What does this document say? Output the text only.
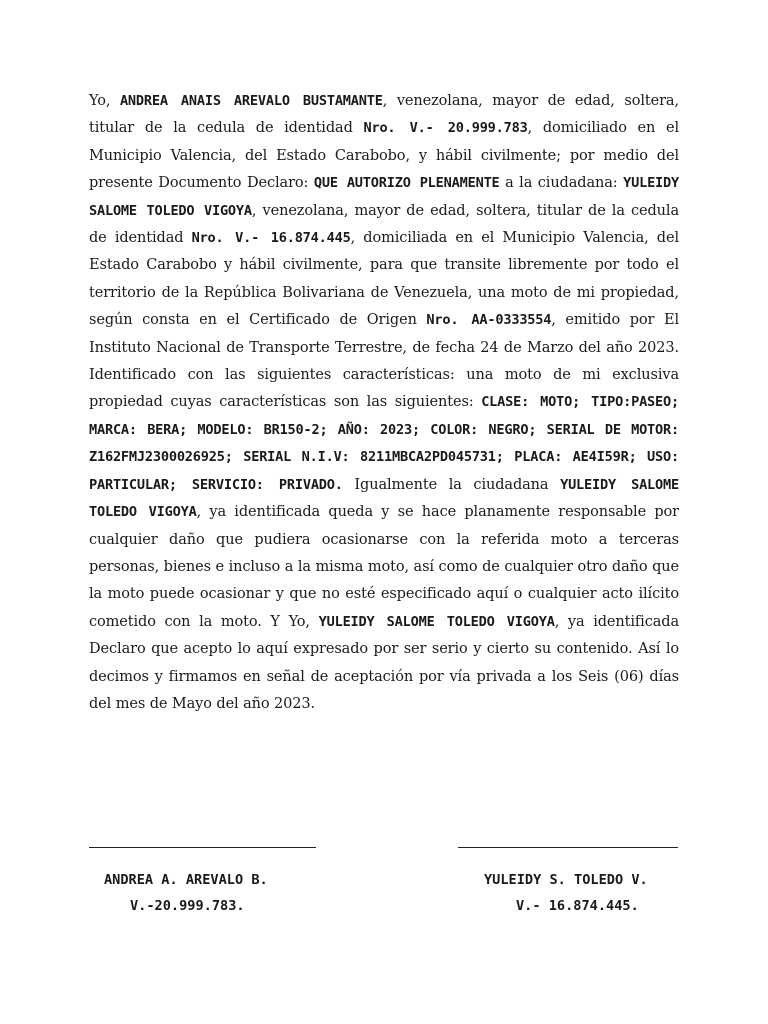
Yo, ANDREA ANAIS AREVALO BUSTAMANTE, venezolana, mayor de edad, soltera, titular de la cedula de identidad Nro. V.- 20.999.783, domiciliado en el Municipio Valencia, del Estado Carabobo, y hábil civilmente; por medio del presente Documento Declaro: QUE AUTORIZO PLENAMENTE a la ciudadana: YULEIDY SALOME TOLEDO VIGOYA, venezolana, mayor de edad, soltera, titular de la cedula de identidad Nro. V.- 16.874.445, domiciliada en el Municipio Valencia, del Estado Carabobo y hábil civilmente, para que transite libremente por todo el territorio de la República Bolivariana de Venezuela, una moto de mi propiedad, según consta en el Certificado de Origen Nro. AA-0333554, emitido por El Instituto Nacional de Transporte Terrestre, de fecha 24 de Marzo del año 2023. Identificado con las siguientes características: una moto de mi exclusiva propiedad cuyas características son las siguientes: CLASE: MOTO; TIPO:PASEO; MARCA: BERA; MODELO: BR150-2; AÑO: 2023; COLOR: NEGRO; SERIAL DE MOTOR: Z162FMJ2300026925; SERIAL N.I.V: 8211MBCA2PD045731; PLACA: AE4I59R; USO: PARTICULAR; SERVICIO: PRIVADO. Igualmente la ciudadana YULEIDY SALOME TOLEDO VIGOYA, ya identificada queda y se hace planamente responsable por cualquier daño que pudiera ocasionarse con la referida moto a terceras personas, bienes e incluso a la misma moto, así como de cualquier otro daño que la moto puede ocasionar y que no esté especificado aquí o cualquier acto ilícito cometido con la moto. Y Yo, YULEIDY SALOME TOLEDO VIGOYA, ya identificada Declaro que acepto lo aquí expresado por ser serio y cierto su contenido. Así lo decimos y firmamos en señal de aceptación por vía privada a los Seis (06) días del mes de Mayo del año 2023.

ANDREA A. AREVALO B.
V.-20.999.783.
YULEIDY S. TOLEDO V.
V.- 16.874.445.
